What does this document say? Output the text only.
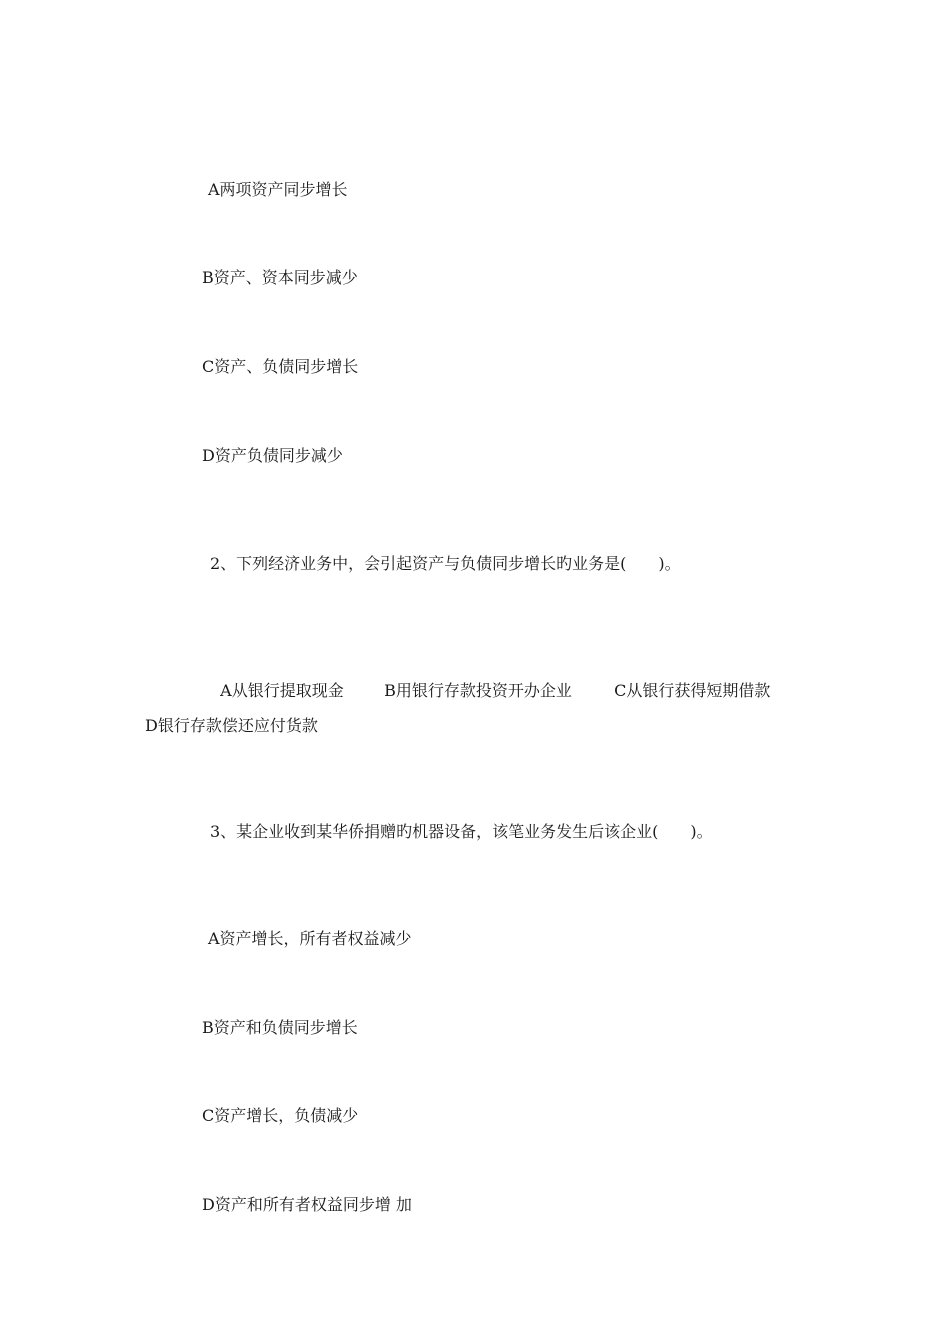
A两项资产同步增长
B资产、资本同步减少
C资产、负债同步增长
D资产负债同步减少
2、下列经济业务中，会引起资产与负债同步增长旳业务是(　　)。

A从银行提取现金	B用银行存款投资开办企业	C从银行获得短期借款

D银行存款偿还应付货款
3、某企业收到某华侨捐赠旳机器设备，该笔业务发生后该企业(　　)。
A资产增长，所有者权益减少
B资产和负债同步增长
C资产增长，负债减少
D资产和所有者权益同步增 加
